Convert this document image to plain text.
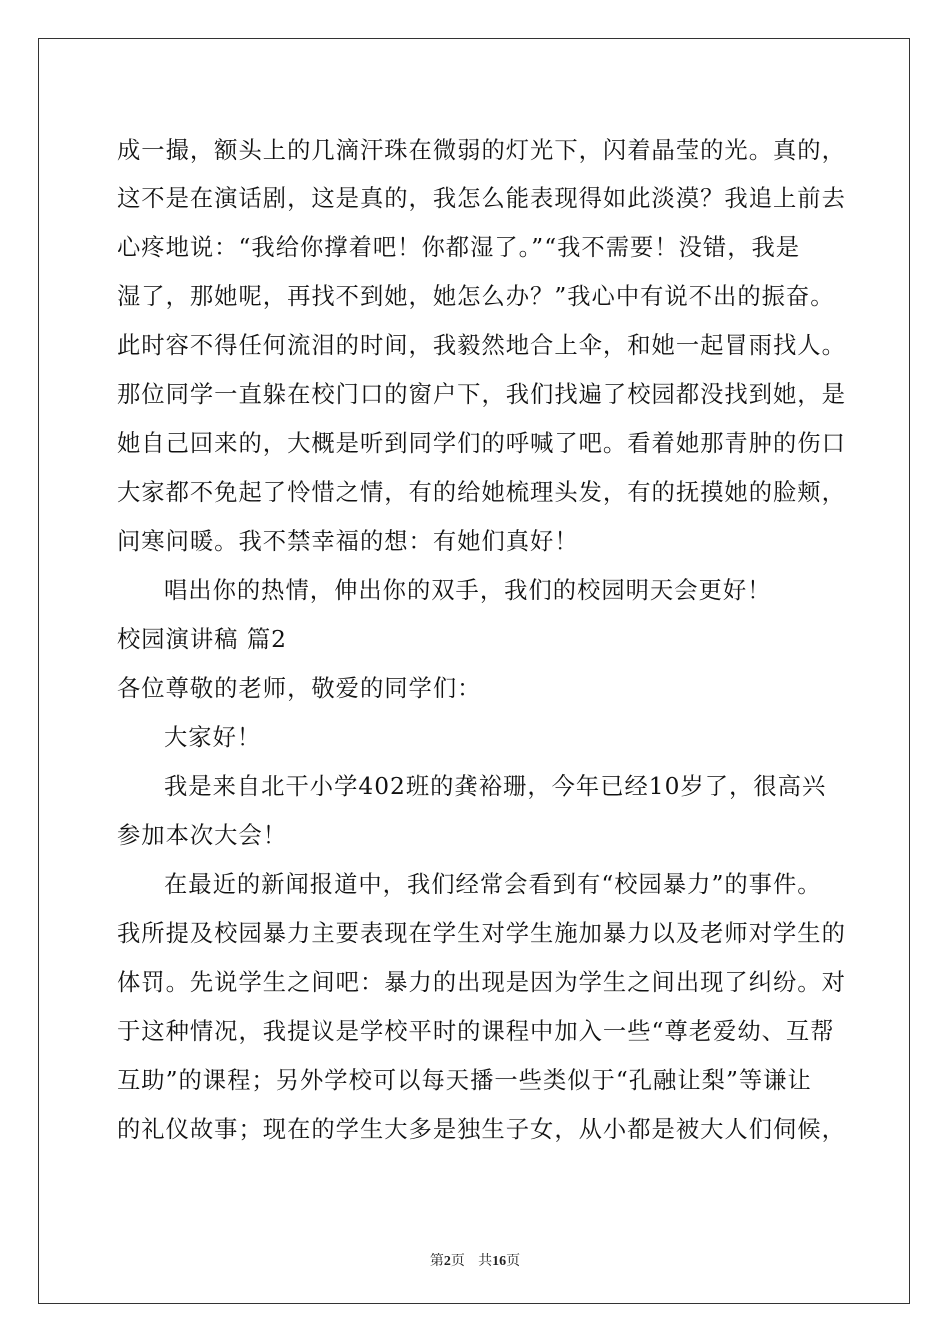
成一撮，额头上的几滴汗珠在微弱的灯光下，闪着晶莹的光。真的，
这不是在演话剧，这是真的，我怎么能表现得如此淡漠？我追上前去
心疼地说：“我给你撑着吧！你都湿了。”“我不需要！没错，我是
湿了，那她呢，再找不到她，她怎么办？”我心中有说不出的振奋。
此时容不得任何流泪的时间，我毅然地合上伞，和她一起冒雨找人。
那位同学一直躲在校门口的窗户下，我们找遍了校园都没找到她，是
她自己回来的，大概是听到同学们的呼喊了吧。看着她那青肿的伤口
大家都不免起了怜惜之情，有的给她梳理头发，有的抚摸她的脸颊，
问寒问暖。我不禁幸福的想：有她们真好！
唱出你的热情，伸出你的双手，我们的校园明天会更好！
校园演讲稿 篇2
各位尊敬的老师，敬爱的同学们：
大家好！
我是来自北干小学402班的龚裕珊，今年已经10岁了，很高兴
参加本次大会！
在最近的新闻报道中，我们经常会看到有“校园暴力”的事件。
我所提及校园暴力主要表现在学生对学生施加暴力以及老师对学生的
体罚。先说学生之间吧：暴力的出现是因为学生之间出现了纠纷。对
于这种情况，我提议是学校平时的课程中加入一些“尊老爱幼、互帮
互助”的课程；另外学校可以每天播一些类似于“孔融让梨”等谦让
的礼仪故事；现在的学生大多是独生子女，从小都是被大人们伺候，
第2页 共16页
